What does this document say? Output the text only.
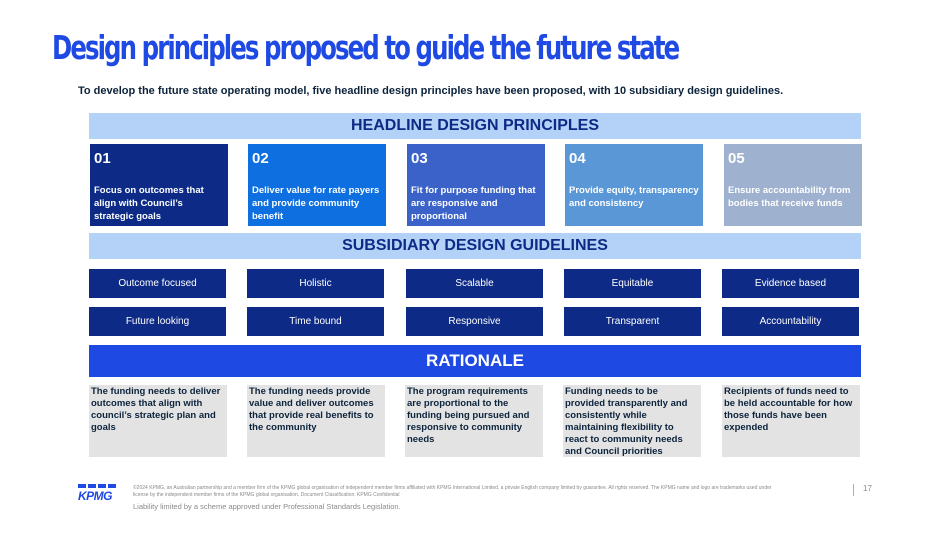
Design principles proposed to guide the future state
To develop the future state operating model, five headline design principles have been proposed, with 10 subsidiary design guidelines.
HEADLINE DESIGN PRINCIPLES
01
Focus on outcomes that align with Council’s strategic goals
02
Deliver value for rate payers and provide community benefit
03
Fit for purpose funding that are responsive and proportional
04
Provide equity, transparency and consistency
05
Ensure accountability from bodies that receive funds
SUBSIDIARY DESIGN GUIDELINES
Outcome focused	Holistic	Scalable	Equitable	Evidence based
Future looking	Time bound	Responsive	Transparent	Accountability
RATIONALE
The funding needs to deliver outcomes that align with council’s strategic plan and goals
The funding needs provide value and deliver outcomes that provide real benefits to the community
The program requirements are proportional to the funding being pursued and responsive to community needs
Funding needs to be provided transparently and consistently while maintaining flexibility to react to community needs and Council priorities
Recipients of funds need to be held accountable for how those funds have been expended
KPMG
©2024 KPMG, an Australian partnership and a member firm of the KPMG global organisation of independent member firms affiliated with KPMG International Limited, a private English company limited by guarantee. All rights reserved. The KPMG name and logo are trademarks used under license by the independent member firms of the KPMG global organisation. Document Classification: KPMG Confidential
Liability limited by a scheme approved under Professional Standards Legislation.
17
